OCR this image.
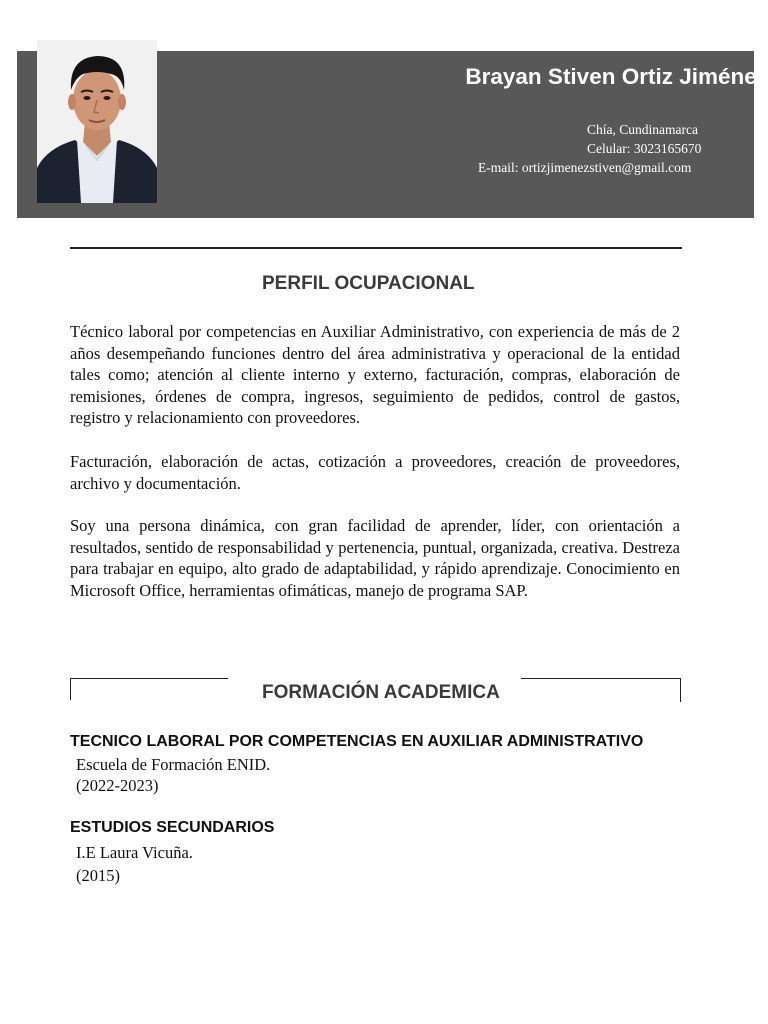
Brayan Stiven Ortiz Jiménez
Chía, Cundinamarca
Celular: 3023165670
E-mail: ortizjimenezstiven@gmail.com
PERFIL OCUPACIONAL
Técnico laboral por competencias en Auxiliar Administrativo, con experiencia de más de 2 años desempeñando funciones dentro del área administrativa y operacional de la entidad tales como; atención al cliente interno y externo, facturación, compras, elaboración de remisiones, órdenes de compra, ingresos, seguimiento de pedidos, control de gastos, registro y relacionamiento con proveedores.
Facturación, elaboración de actas, cotización a proveedores, creación de proveedores, archivo y documentación.
Soy una persona dinámica, con gran facilidad de aprender, líder, con orientación a resultados, sentido de responsabilidad y pertenencia, puntual, organizada, creativa. Destreza para trabajar en equipo, alto grado de adaptabilidad, y rápido aprendizaje. Conocimiento en Microsoft Office, herramientas ofimáticas, manejo de programa SAP.
FORMACIÓN ACADEMICA
TECNICO LABORAL POR COMPETENCIAS EN AUXILIAR ADMINISTRATIVO
Escuela de Formación ENID.
(2022-2023)
ESTUDIOS SECUNDARIOS
I.E Laura Vicuña.
(2015)
